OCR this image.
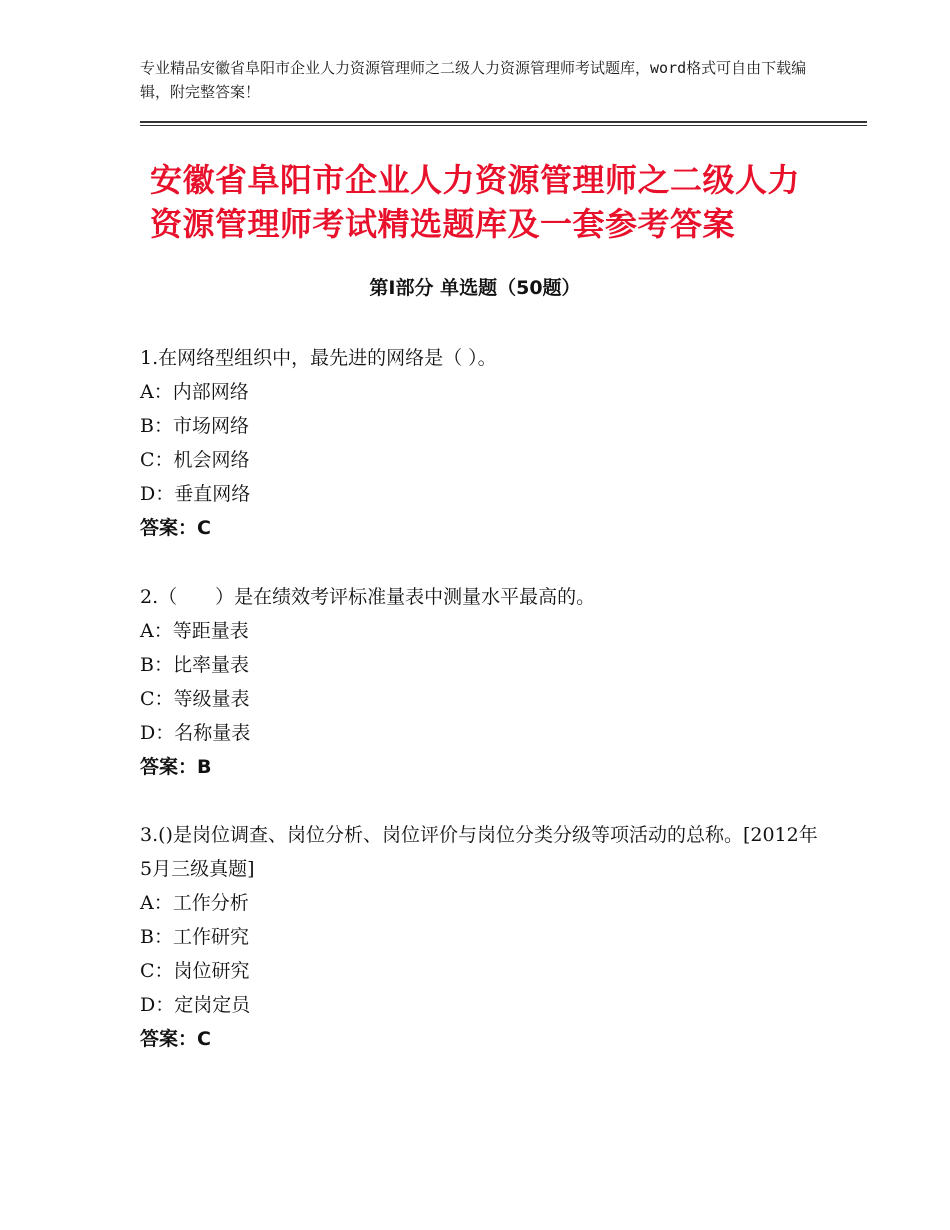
专业精品安徽省阜阳市企业人力资源管理师之二级人力资源管理师考试题库，word格式可自由下载编辑，附完整答案！
安徽省阜阳市企业人力资源管理师之二级人力资源管理师考试精选题库及一套参考答案
第Ⅰ部分 单选题（50题）
1.在网络型组织中，最先进的网络是（ ）。
A：内部网络
B：市场网络
C：机会网络
D：垂直网络
答案：C
2.（　　）是在绩效考评标准量表中测量水平最高的。
A：等距量表
B：比率量表
C：等级量表
D：名称量表
答案：B
3.()是岗位调查、岗位分析、岗位评价与岗位分类分级等项活动的总称。[2012年5月三级真题]
A：工作分析
B：工作研究
C：岗位研究
D：定岗定员
答案：C
